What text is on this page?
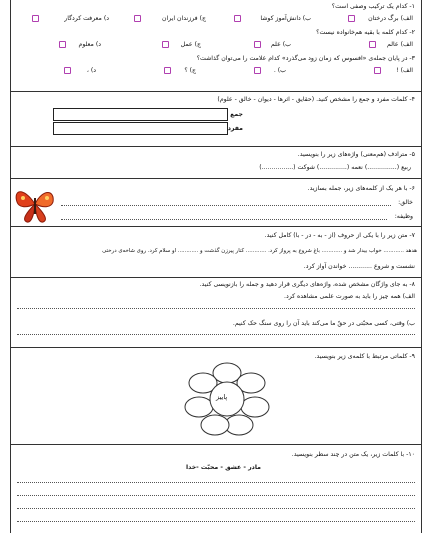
۱- کدام یک ترکیب وصفی است؟
الف) برگ درختان
ب) دانش‌آموز کوشا
ج) فرزندان ایران
د) معرفت کردگار
۲- کدام کلمه با بقیه هم‌خانواده نیست؟
الف) عالم
ب) علم
ج) عمل
د) معلوم
۳- در پایان جمله‌ی «افسوس که زمان زود می‌گذرد» کدام علامت را می‌توان گذاشت؟
الف) !
ب) .
ج) ؟
د) ،
۴- کلمات مفرد و جمع را مشخص کنید. (حقایق - اثرها - دیوان - خالق - علوم)
جمع
مفرد
۵- مترادف (هم‌معنی) واژه‌های زیر را بنویسید.
ربیع (...............) نعمه (..............) شوکت (................)
۶- با هر یک از کلمه‌های زیر، جمله بسازید.
خالق:
وظیفه:
۷- متن زیر را با یکی از حروف (از - به - در - با) کامل کنید.
هدهد ............ خواب بیدار شد و ............ باغ شروع به پرواز کرد. ............ کنار پیرزن گذشت و ............ او سلام کرد. روی شاخه‌ی درختی
نشست و شروع ............ خواندن آواز کرد.
۸- به جای واژگان مشخص شده، واژه‌های دیگری قرار دهید و جمله را بازنویسی کنید.
الف) همه چیز را باید به صورت علمی مشاهده کرد.
ب) وقتی، کسی محبّتی در حقّ ما می‌کند باید آن را روی سنگ حک کنیم.
۹- کلماتی مرتبط با کلمه‌ی زیر بنویسید.
پاییز
۱۰- با کلمات زیر، یک متن در چند سطر بنویسید.
مادر - عشق - محبّت -خدا
